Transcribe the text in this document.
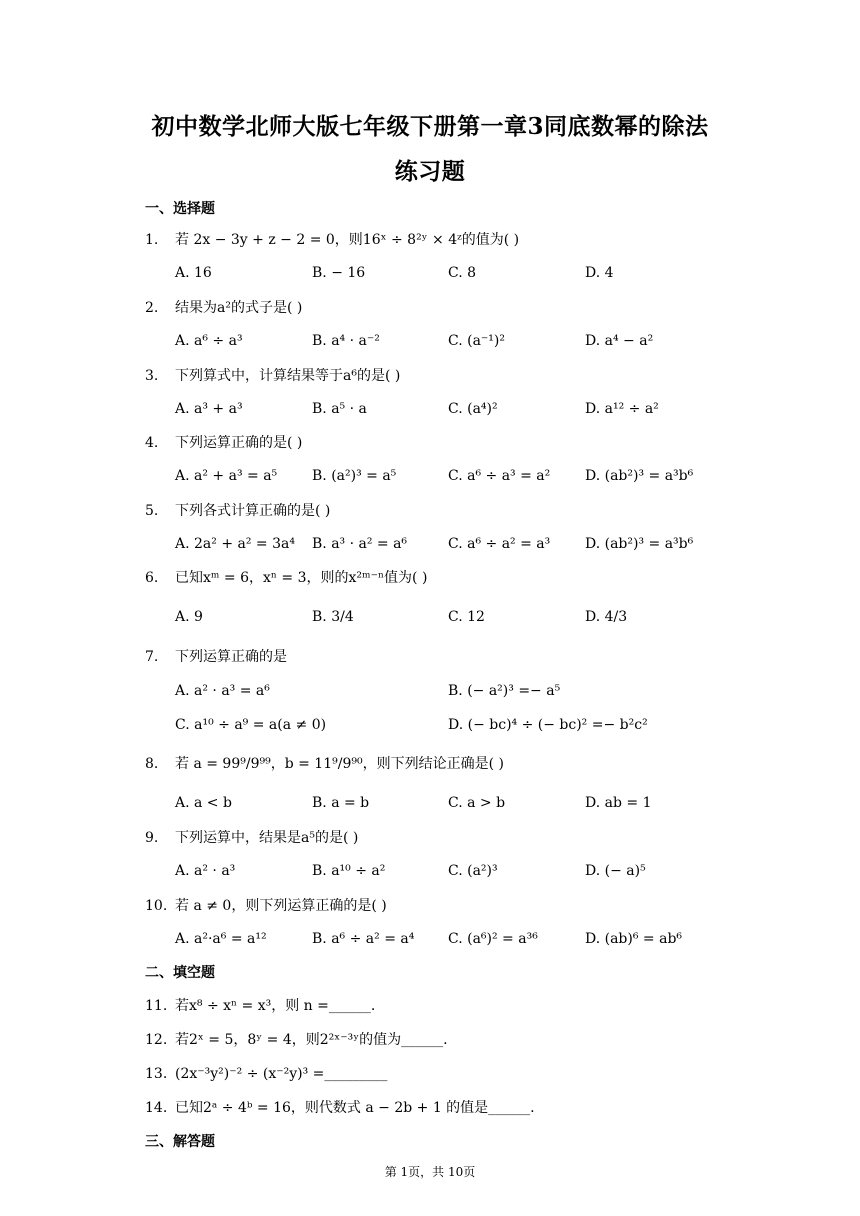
初中数学北师大版七年级下册第一章3同底数幂的除法
练习题
一、选择题
1. 若 2x − 3y + z − 2 = 0，则16ˣ ÷ 8²ʸ × 4ᶻ的值为( )
A. 16	B. − 16	C. 8	D. 4
2. 结果为a²的式子是( )
A. a⁶ ÷ a³	B. a⁴ · a⁻²	C. (a⁻¹)²	D. a⁴ − a²
3. 下列算式中，计算结果等于a⁶的是( )
A. a³ + a³	B. a⁵ · a	C. (a⁴)²	D. a¹² ÷ a²
4. 下列运算正确的是( )
A. a² + a³ = a⁵ B. (a²)³ = a⁵	C. a⁶ ÷ a³ = a² D. (ab²)³ = a³b⁶
5. 下列各式计算正确的是( )
A. 2a² + a² = 3a⁴ B. a³ · a² = a⁶	C. a⁶ ÷ a² = a³ D. (ab²)³ = a³b⁶
6. 已知xᵐ = 6，xⁿ = 3，则的x²ᵐ⁻ⁿ值为( )
A. 9	B. 3/4	C. 12	D. 4/3
7. 下列运算正确的是
A. a² · a³ = a⁶	B. (− a²)³ =− a⁵
C. a¹⁰ ÷ a⁹ = a(a ≠ 0)	D. (− bc)⁴ ÷ (− bc)² =− b²c²
8. 若 a = 99⁹/9⁹⁹，b = 11⁹/9⁹⁰，则下列结论正确是( )
A. a < b	B. a = b	C. a > b	D. ab = 1
9. 下列运算中，结果是a⁵的是( )
A. a² · a³	B. a¹⁰ ÷ a²	C. (a²)³	D. (− a)⁵
10. 若 a ≠ 0，则下列运算正确的是( )
A. a²·a⁶ = a¹²	B. a⁶ ÷ a² = a⁴ C. (a⁶)² = a³⁶	D. (ab)⁶ = ab⁶
二、填空题
11. 若x⁸ ÷ xⁿ = x³，则 n =______.
12. 若2ˣ = 5，8ʸ = 4，则2²ˣ⁻³ʸ的值为______.
13. (2x⁻³y²)⁻² ÷ (x⁻²y)³ =_________
14. 已知2ᵃ ÷ 4ᵇ = 16，则代数式 a − 2b + 1 的值是______.
三、解答题
第 1页，共 10页
